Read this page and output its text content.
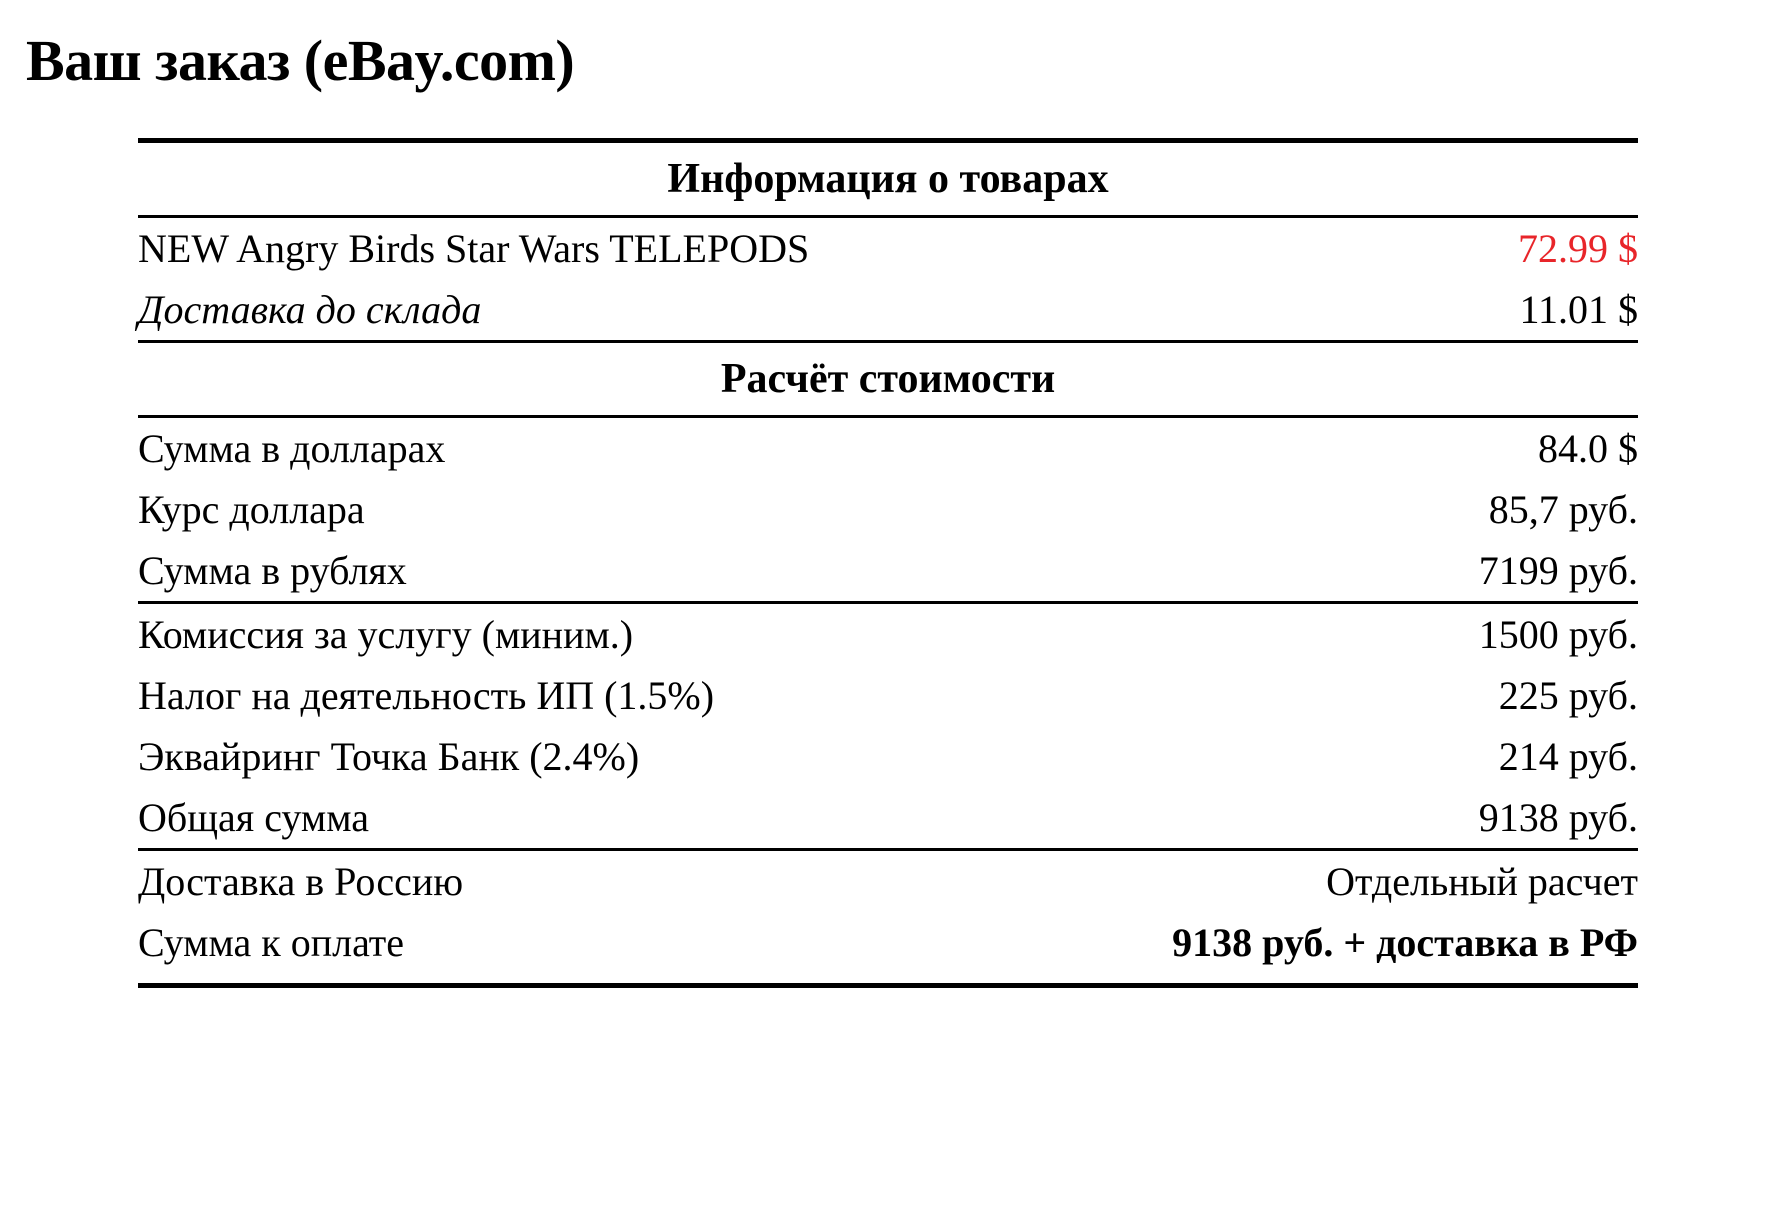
Ваш заказ (eBay.com)
Информация о товарах	
NEW Angry Birds Star Wars TELEPODS	72.99 $
Доставка до склада	11.01 $
Расчёт стоимости	
Сумма в долларах	84.0 $
Курс доллара	85,7 руб.
Сумма в рублях	7199 руб.
Комиссия за услугу (миним.)	1500 руб.
Налог на деятельность ИП (1.5%)	225 руб.
Эквайринг Точка Банк (2.4%)	214 руб.
Общая сумма	9138 руб.
Доставка в Россию	Отдельный расчет
Сумма к оплате	9138 руб. + доставка в РФ
